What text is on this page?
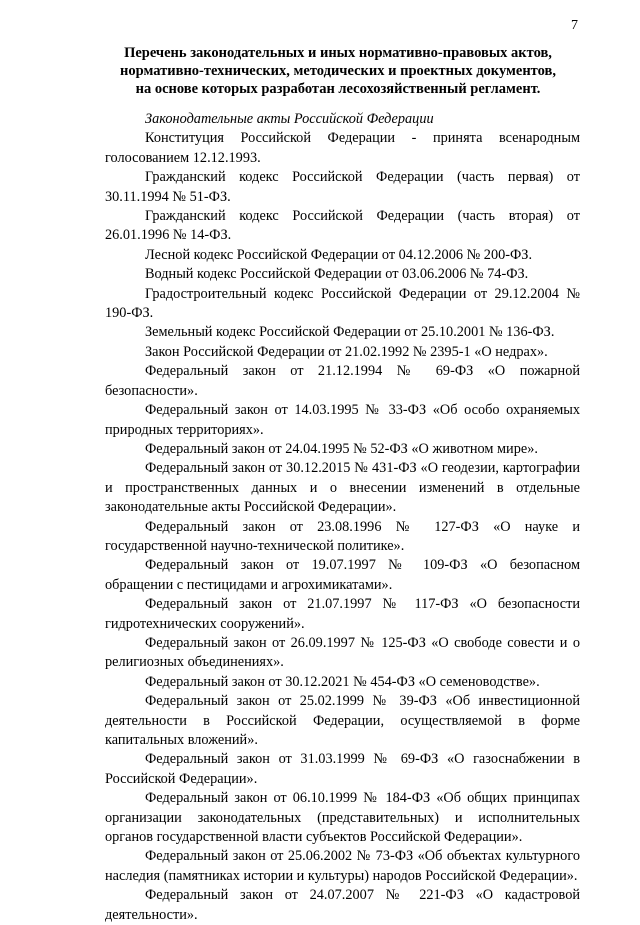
7
Перечень законодательных и иных нормативно-правовых актов,
нормативно-технических, методических и проектных документов,
на основе которых разработан лесохозяйственный регламент.

Законодательные акты Российской Федерации

Конституция Российской Федерации - принята всенародным голосованием 12.12.1993.

Гражданский кодекс Российской Федерации (часть первая) от 30.11.1994 № 51-ФЗ.

Гражданский кодекс Российской Федерации (часть вторая) от 26.01.1996 № 14-ФЗ.

Лесной кодекс Российской Федерации от 04.12.2006 № 200-ФЗ.

Водный кодекс Российской Федерации от 03.06.2006 № 74-ФЗ.

Градостроительный кодекс Российской Федерации от 29.12.2004 № 190-ФЗ.

Земельный кодекс Российской Федерации от 25.10.2001 № 136-ФЗ.

Закон Российской Федерации от 21.02.1992 № 2395-1 «О недрах».

Федеральный закон от 21.12.1994 № 69-ФЗ «О пожарной безопасности».

Федеральный закон от 14.03.1995 № 33-ФЗ «Об особо охраняемых природных территориях».

Федеральный закон от 24.04.1995 № 52-ФЗ «О животном мире».

Федеральный закон от 30.12.2015 № 431-ФЗ «О геодезии, картографии и пространственных данных и о внесении изменений в отдельные законодательные акты Российской Федерации».

Федеральный закон от 23.08.1996 № 127-ФЗ «О науке и государственной научно-технической политике».

Федеральный закон от 19.07.1997 № 109-ФЗ «О безопасном обращении с пестицидами и агрохимикатами».

Федеральный закон от 21.07.1997 № 117-ФЗ «О безопасности гидротехнических сооружений».

Федеральный закон от 26.09.1997 № 125-ФЗ «О свободе совести и о религиозных объединениях».

Федеральный закон от 30.12.2021 № 454-ФЗ «О семеноводстве».

Федеральный закон от 25.02.1999 № 39-ФЗ «Об инвестиционной деятельности в Российской Федерации, осуществляемой в форме капитальных вложений».

Федеральный закон от 31.03.1999 № 69-ФЗ «О газоснабжении в Российской Федерации».

Федеральный закон от 06.10.1999 № 184-ФЗ «Об общих принципах организации законодательных (представительных) и исполнительных органов государственной власти субъектов Российской Федерации».

Федеральный закон от 25.06.2002 № 73-ФЗ «Об объектах культурного наследия (памятниках истории и культуры) народов Российской Федерации».

Федеральный закон от 24.07.2007 № 221-ФЗ «О кадастровой деятельности».
